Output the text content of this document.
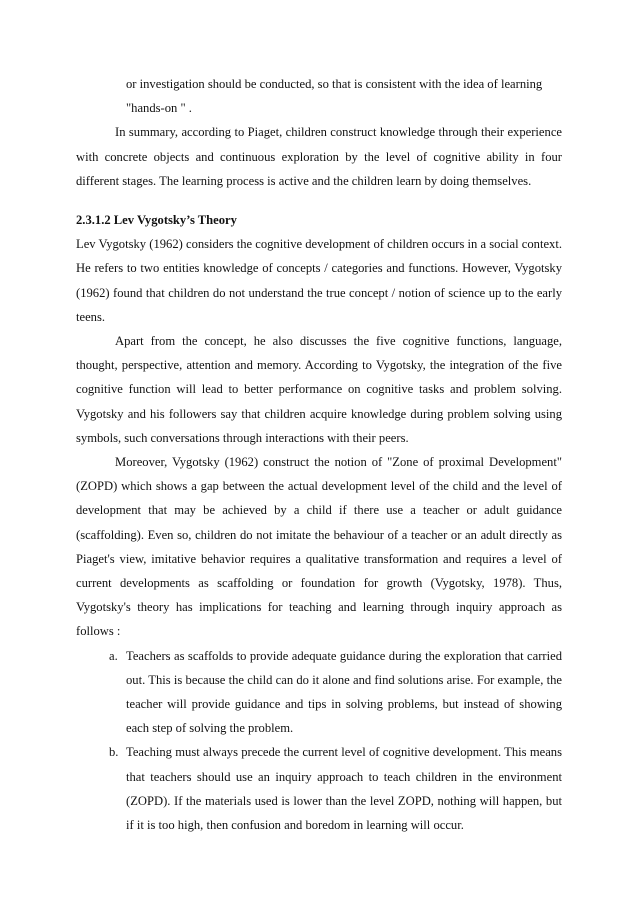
or investigation should be conducted, so that is consistent with the idea of learning

"hands-on " .

In summary, according to Piaget, children construct knowledge through their experience with concrete objects and continuous exploration by the level of cognitive ability in four different stages. The learning process is active and the children learn by doing themselves.

2.3.1.2 Lev Vygotsky’s Theory

Lev Vygotsky (1962) considers the cognitive development of children occurs in a social context. He refers to two entities knowledge of concepts / categories and functions. However, Vygotsky (1962) found that children do not understand the true concept / notion of science up to the early teens.

Apart from the concept, he also discusses the five cognitive functions, language, thought, perspective, attention and memory. According to Vygotsky, the integration of the five cognitive function will lead to better performance on cognitive tasks and problem solving. Vygotsky and his followers say that children acquire knowledge during problem solving using symbols, such conversations through interactions with their peers.

Moreover, Vygotsky (1962) construct the notion of "Zone of proximal Development" (ZOPD) which shows a gap between the actual development level of the child and the level of development that may be achieved by a child if there use a teacher or adult guidance (scaffolding). Even so, children do not imitate the behaviour of a teacher or an adult directly as Piaget's view, imitative behavior requires a qualitative transformation and requires a level of current developments as scaffolding or foundation for growth (Vygotsky, 1978). Thus, Vygotsky's theory has implications for teaching and learning through inquiry approach as follows :

a. Teachers as scaffolds to provide adequate guidance during the exploration that carried out. This is because the child can do it alone and find solutions arise. For example, the teacher will provide guidance and tips in solving problems, but instead of showing each step of solving the problem.
b. Teaching must always precede the current level of cognitive development. This means that teachers should use an inquiry approach to teach children in the environment (ZOPD). If the materials used is lower than the level ZOPD, nothing will happen, but if it is too high, then confusion and boredom in learning will occur.
